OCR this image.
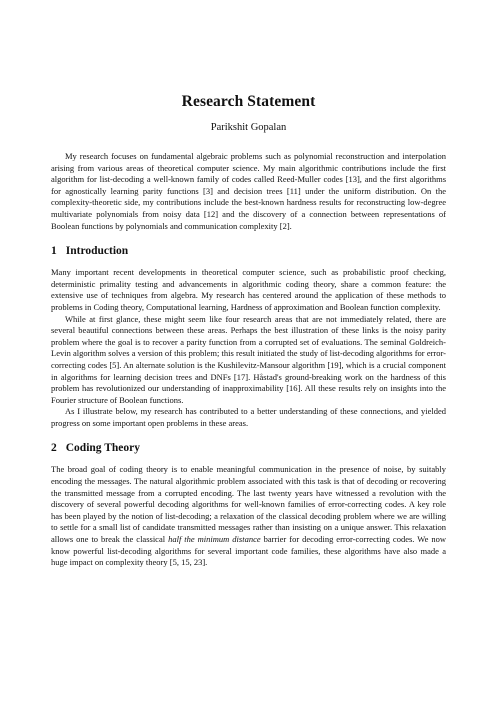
Research Statement
Parikshit Gopalan

My research focuses on fundamental algebraic problems such as polynomial reconstruction and interpolation arising from various areas of theoretical computer science. My main algorithmic contributions include the first algorithm for list-decoding a well-known family of codes called Reed-Muller codes [13], and the first algorithms for agnostically learning parity functions [3] and decision trees [11] under the uniform distribution. On the complexity-theoretic side, my contributions include the best-known hardness results for reconstructing low-degree multivariate polynomials from noisy data [12] and the discovery of a connection between representations of Boolean functions by polynomials and communication complexity [2].

1 Introduction

Many important recent developments in theoretical computer science, such as probabilistic proof checking, deterministic primality testing and advancements in algorithmic coding theory, share a common feature: the extensive use of techniques from algebra. My research has centered around the application of these methods to problems in Coding theory, Computational learning, Hardness of approximation and Boolean function complexity.

While at first glance, these might seem like four research areas that are not immediately related, there are several beautiful connections between these areas. Perhaps the best illustration of these links is the noisy parity problem where the goal is to recover a parity function from a corrupted set of evaluations. The seminal Goldreich-Levin algorithm solves a version of this problem; this result initiated the study of list-decoding algorithms for error-correcting codes [5]. An alternate solution is the Kushilevitz-Mansour algorithm [19], which is a crucial component in algorithms for learning decision trees and DNFs [17]. Håstad's ground-breaking work on the hardness of this problem has revolutionized our understanding of inapproximability [16]. All these results rely on insights into the Fourier structure of Boolean functions.

As I illustrate below, my research has contributed to a better understanding of these connections, and yielded progress on some important open problems in these areas.

2 Coding Theory

The broad goal of coding theory is to enable meaningful communication in the presence of noise, by suitably encoding the messages. The natural algorithmic problem associated with this task is that of decoding or recovering the transmitted message from a corrupted encoding. The last twenty years have witnessed a revolution with the discovery of several powerful decoding algorithms for well-known families of error-correcting codes. A key role has been played by the notion of list-decoding; a relaxation of the classical decoding problem where we are willing to settle for a small list of candidate transmitted messages rather than insisting on a unique answer. This relaxation allows one to break the classical half the minimum distance barrier for decoding error-correcting codes. We now know powerful list-decoding algorithms for several important code families, these algorithms have also made a huge impact on complexity theory [5, 15, 23].
